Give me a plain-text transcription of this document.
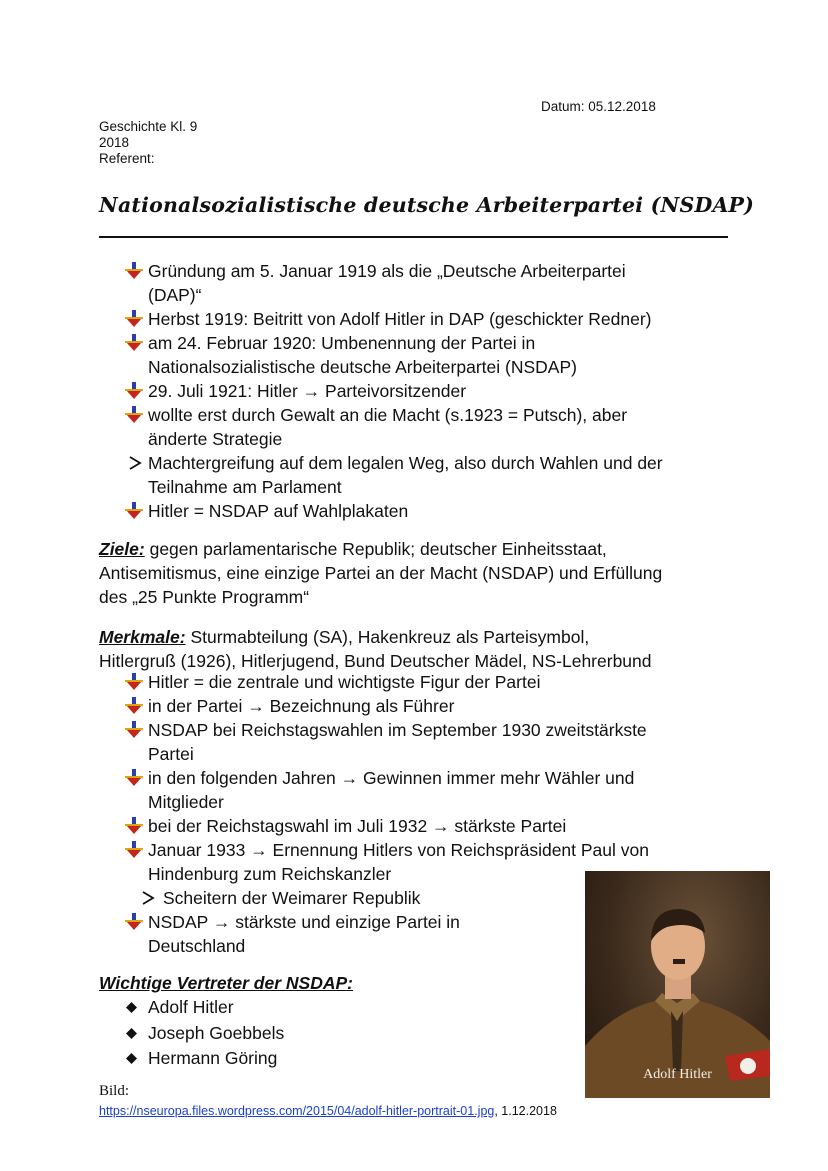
Datum: 05.12.2018
Geschichte Kl. 9
2018
Referent:
Nationalsozialistische deutsche Arbeiterpartei (NSDAP)
Gründung am 5. Januar 1919 als die „Deutsche Arbeiterpartei
(DAP)“
Herbst 1919: Beitritt von Adolf Hitler in DAP (geschickter Redner)
am 24. Februar 1920: Umbenennung der Partei in
Nationalsozialistische deutsche Arbeiterpartei (NSDAP)
29. Juli 1921: Hitler → Parteivorsitzender
wollte erst durch Gewalt an die Macht (s.1923 = Putsch), aber
änderte Strategie
Machtergreifung auf dem legalen Weg, also durch Wahlen und der
Teilnahme am Parlament
Hitler = NSDAP auf Wahlplakaten
Ziele: gegen parlamentarische Republik; deutscher Einheitsstaat,
Antisemitismus, eine einzige Partei an der Macht (NSDAP) und Erfüllung
des „25 Punkte Programm“
Merkmale: Sturmabteilung (SA), Hakenkreuz als Parteisymbol,
Hitlergruß (1926), Hitlerjugend, Bund Deutscher Mädel, NS-Lehrerbund
Hitler = die zentrale und wichtigste Figur der Partei
in der Partei → Bezeichnung als Führer
NSDAP bei Reichstagswahlen im September 1930 zweitstärkste
Partei
in den folgenden Jahren → Gewinnen immer mehr Wähler und
Mitglieder
bei der Reichstagswahl im Juli 1932 → stärkste Partei
Januar 1933 → Ernennung Hitlers von Reichspräsident Paul von
Hindenburg zum Reichskanzler
Scheitern der Weimarer Republik
NSDAP → stärkste und einzige Partei in
Deutschland
Wichtige Vertreter der NSDAP:
Adolf Hitler
Joseph Goebbels
Hermann Göring
Adolf Hitler
Bild:
https://nseuropa.files.wordpress.com/2015/04/adolf-hitler-portrait-01.jpg, 1.12.2018
